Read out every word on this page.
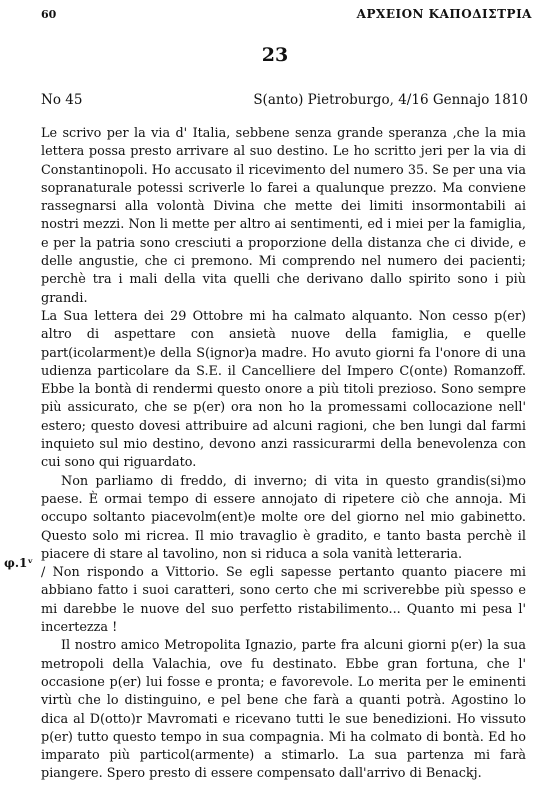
60	ΑΡΧΕΙΟΝ ΚΑΠΟΔΙΣΤΡΙΑ
23
No 45	S(anto) Pietroburgo, 4/16 Gennajo 1810
φ.1ᵛ

Le scrivo per la via d' Italia, sebbene senza grande speranza ,che la mia lettera possa presto arrivare al suo destino. Le ho scritto jeri per la via di Constantinopoli. Ho accusato il ricevimento del numero 35. Se per una via sopranaturale potessi scriverle lo farei a qualunque prezzo. Ma conviene rassegnarsi alla volontà Divina che mette dei limiti insormontabili ai nostri mezzi. Non li mette per altro ai sentimenti, ed i miei per la famiglia, e per la patria sono cresciuti a proporzione della distanza che ci divide, e delle angustie, che ci premono. Mi comprendo nel numero dei pacienti; perchè tra i mali della vita quelli che derivano dallo spirito sono i più grandi.

La Sua lettera dei 29 Ottobre mi ha calmato alquanto. Non cesso p(er) altro di aspettare con ansietà nuove della famiglia, e quelle part(icolarment)e della S(ignor)a madre. Ho avuto giorni fa l'onore di una udienza particolare da S.E. il Cancelliere del Impero C(onte) Romanzoff. Ebbe la bontà di rendermi questo onore a più titoli prezioso. Sono sempre più assicurato, che se p(er) ora non ho la promessami collocazione nell' estero; questo dovesi attribuire ad alcuni ragioni, che ben lungi dal farmi inquieto sul mio destino, devono anzi rassicurarmi della benevolenza con cui sono qui riguardato.

Non parliamo di freddo, di inverno; di vita in questo grandis(si)mo paese. È ormai tempo di essere annojato di ripetere ciò che annoja. Mi occupo soltanto piacevolm(ent)e molte ore del giorno nel mio gabinetto. Questo solo mi ricrea. Il mio travaglio è gradito, e tanto basta perchè il piacere di stare al tavolino, non si riduca a sola vanità letteraria.

/ Non rispondo a Vittorio. Se egli sapesse pertanto quanto piacere mi abbiano fatto i suoi caratteri, sono certo che mi scriverebbe più spesso e mi darebbe le nuove del suo perfetto ristabilimento... Quanto mi pesa l' incertezza !

Il nostro amico Metropolita Ignazio, parte fra alcuni giorni p(er) la sua metropoli della Valachia, ove fu destinato. Ebbe gran fortuna, che l' occasione p(er) lui fosse e pronta; e favorevole. Lo merita per le eminenti virtù che lo distinguino, e pel bene che farà a quanti potrà. Agostino lo dica al D(otto)r Mavromati e ricevano tutti le sue benedizioni. Ho vissuto p(er) tutto questo tempo in sua compagnia. Mi ha colmato di bontà. Ed ho imparato più particol(armente) a stimarlo. La sua partenza mi farà piangere. Spero presto di essere compensato dall'arrivo di Benackj.
